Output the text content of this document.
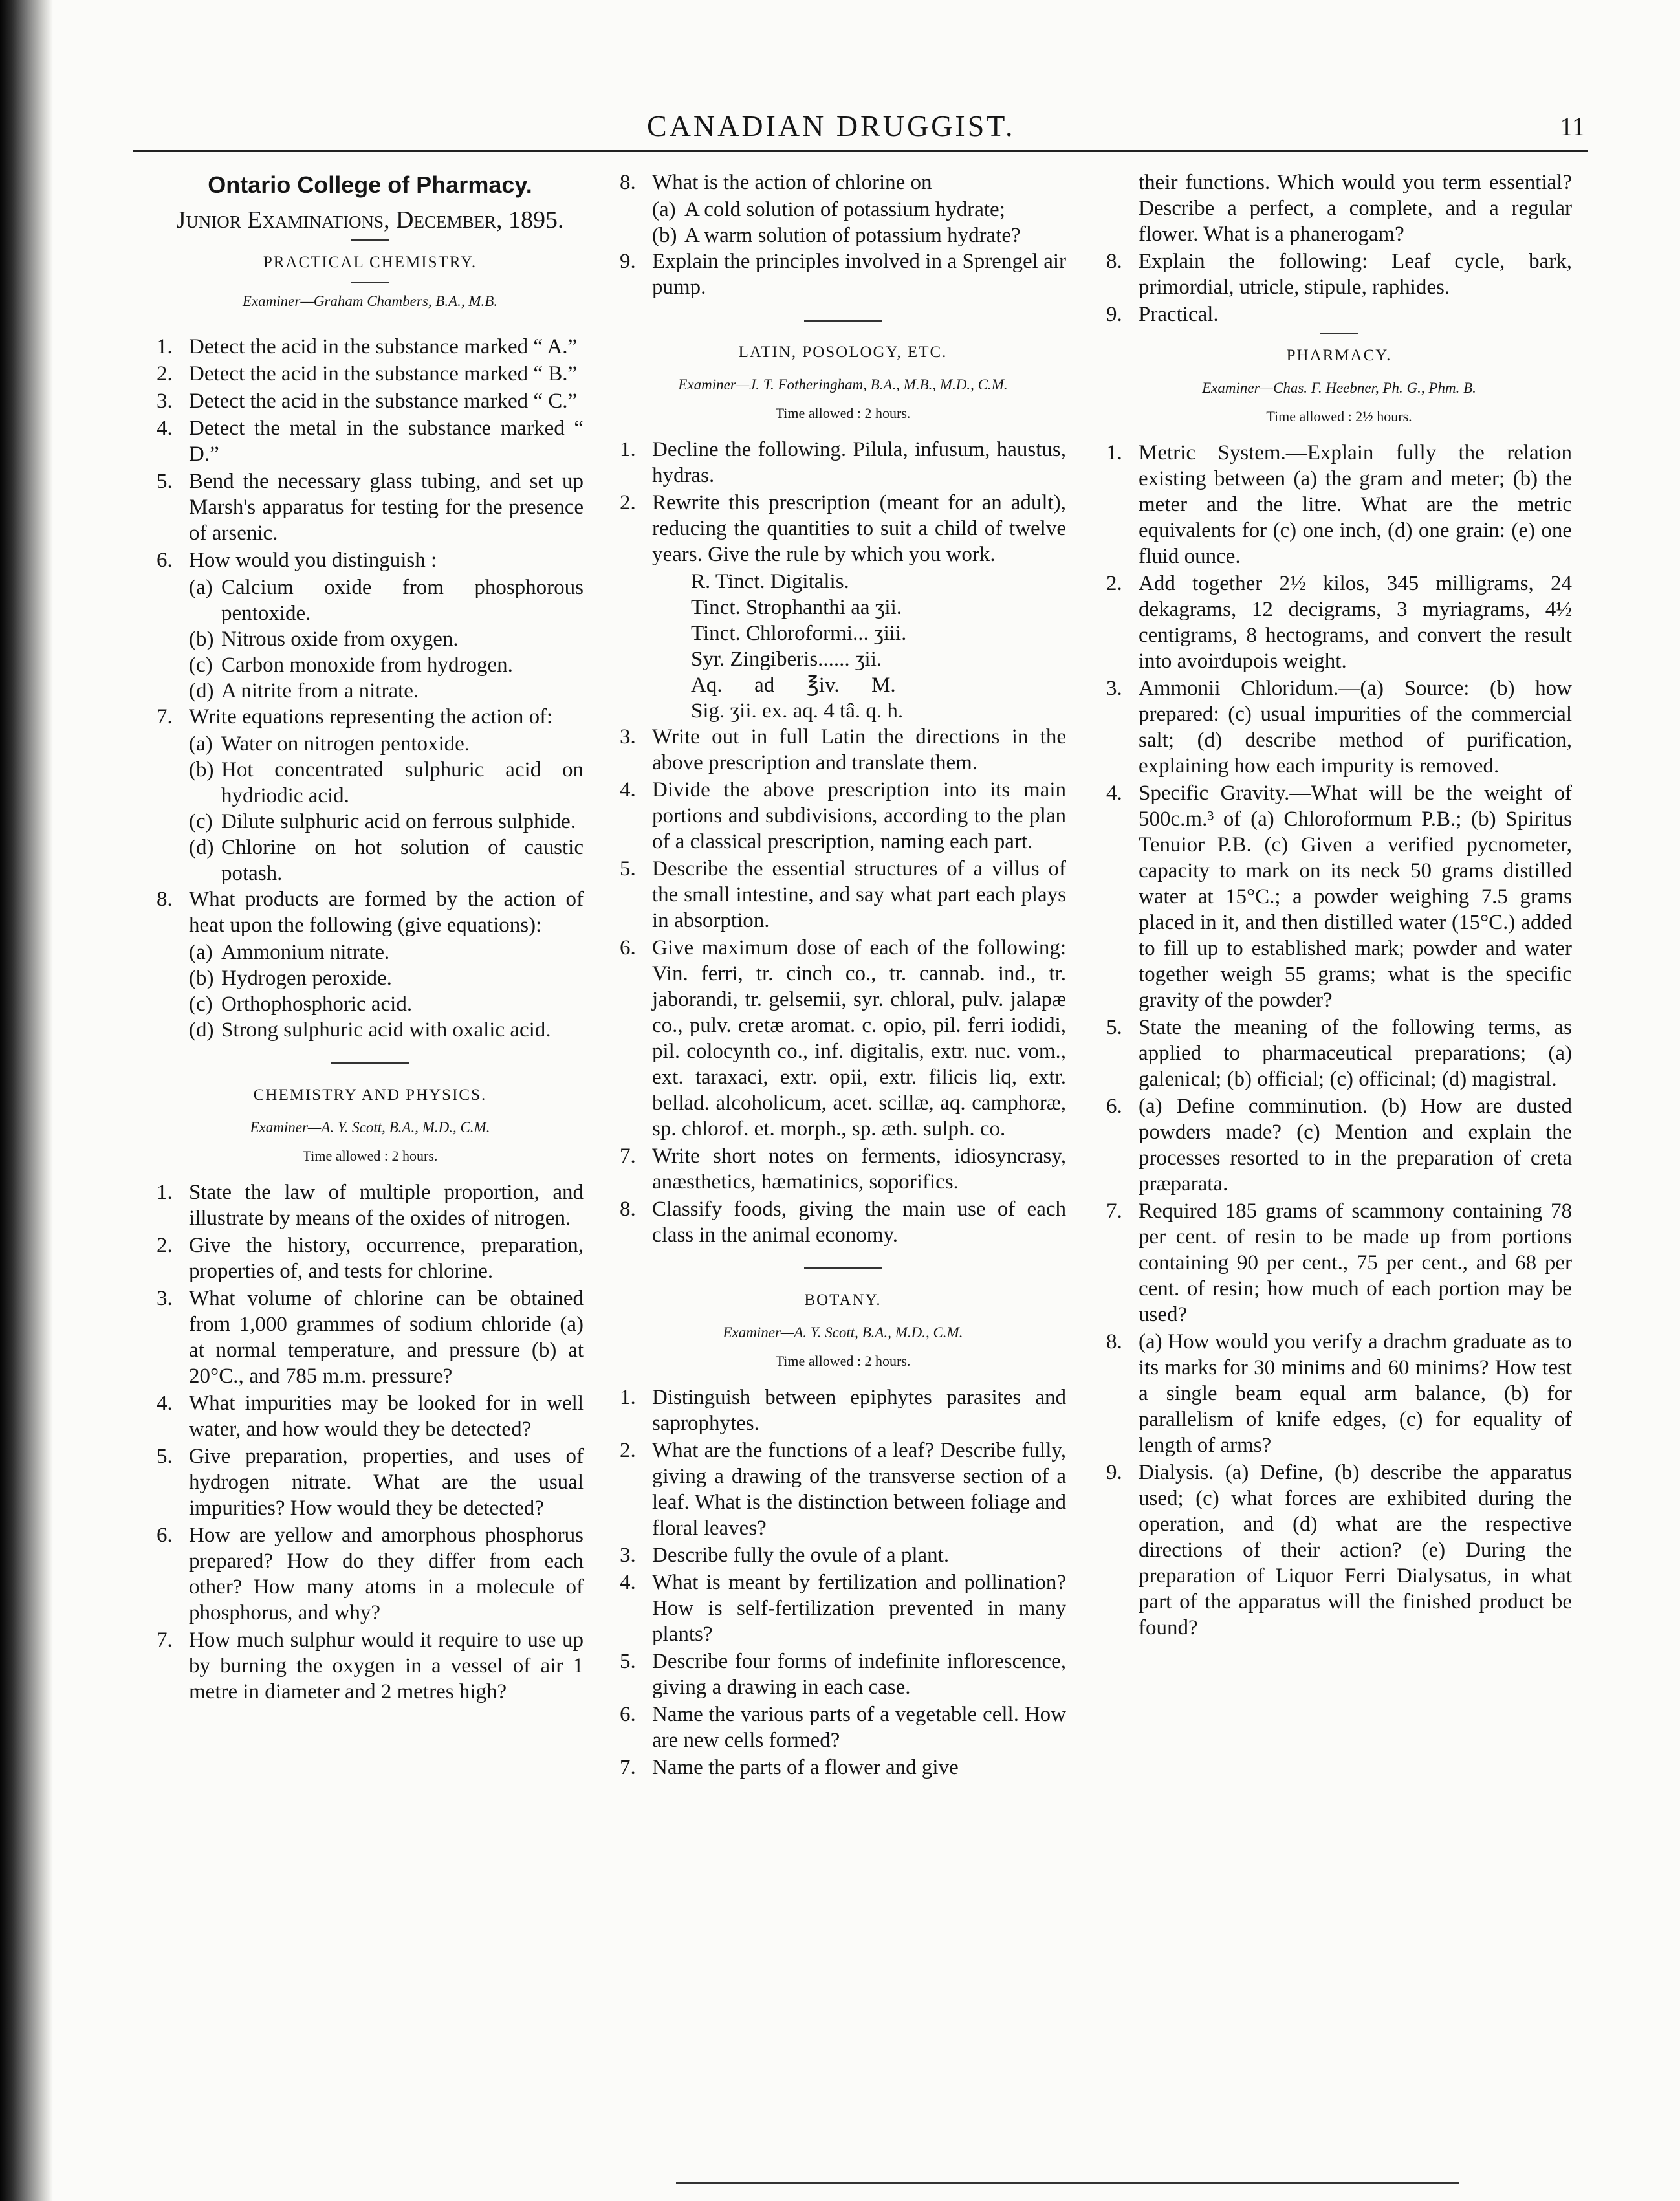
CANADIAN DRUGGIST.	11
Ontario College of Pharmacy.
Junior Examinations, December, 1895.
PRACTICAL CHEMISTRY.
Examiner—Graham Chambers, B.A., M.B.
1. Detect the acid in the substance marked “ A.”
2. Detect the acid in the substance marked “ B.”
3. Detect the acid in the substance marked “ C.”
4. Detect the metal in the substance marked “ D.”
5. Bend the necessary glass tubing, and set up Marsh's apparatus for testing for the presence of arsenic.
6. How would you distinguish :
(a) Calcium oxide from phosphorous pentoxide.
(b) Nitrous oxide from oxygen.
(c) Carbon monoxide from hydrogen.
(d) A nitrite from a nitrate.
7. Write equations representing the action of:
(a) Water on nitrogen pentoxide.
(b) Hot concentrated sulphuric acid on hydriodic acid.
(c) Dilute sulphuric acid on ferrous sulphide.
(d) Chlorine on hot solution of caustic potash.
8. What products are formed by the action of heat upon the following (give equations):
(a) Ammonium nitrate.
(b) Hydrogen peroxide.
(c) Orthophosphoric acid.
(d) Strong sulphuric acid with oxalic acid.
CHEMISTRY AND PHYSICS.
Examiner—A. Y. Scott, B.A., M.D., C.M.
Time allowed : 2 hours.
1. State the law of multiple proportion, and illustrate by means of the oxides of nitrogen.
2. Give the history, occurrence, preparation, properties of, and tests for chlorine.
3. What volume of chlorine can be obtained from 1,000 grammes of sodium chloride (a) at normal temperature, and pressure (b) at 20°C., and 785 m.m. pressure?
4. What impurities may be looked for in well water, and how would they be detected?
5. Give preparation, properties, and uses of hydrogen nitrate. What are the usual impurities? How would they be detected?
6. How are yellow and amorphous phosphorus prepared? How do they differ from each other? How many atoms in a molecule of phosphorus, and why?
7. How much sulphur would it require to use up by burning the oxygen in a vessel of air 1 metre in diameter and 2 metres high?
8. What is the action of chlorine on
(a) A cold solution of potassium hydrate;
(b) A warm solution of potassium hydrate?
9. Explain the principles involved in a Sprengel air pump.
LATIN, POSOLOGY, ETC.
Examiner—J. T. Fotheringham, B.A., M.B., M.D., C.M.
Time allowed : 2 hours.
1. Decline the following. Pilula, infusum, haustus, hydras.
2. Rewrite this prescription (meant for an adult), reducing the quantities to suit a child of twelve years. Give the rule by which you work.
R. Tinct. Digitalis.
Tinct. Strophanthi aa ʒii.
Tinct. Chloroformi... ʒiii.
Syr. Zingiberis...... ʒii.
Aq.      ad      ℥iv.      M.
Sig. ʒii. ex. aq. 4 tâ. q. h.
3. Write out in full Latin the directions in the above prescription and translate them.
4. Divide the above prescription into its main portions and subdivisions, according to the plan of a classical prescription, naming each part.
5. Describe the essential structures of a villus of the small intestine, and say what part each plays in absorption.
6. Give maximum dose of each of the following: Vin. ferri, tr. cinch co., tr. cannab. ind., tr. jaborandi, tr. gelsemii, syr. chloral, pulv. jalapæ co., pulv. cretæ aromat. c. opio, pil. ferri iodidi, pil. colocynth co., inf. digitalis, extr. nuc. vom., ext. taraxaci, extr. opii, extr. filicis liq, extr. bellad. alcoholicum, acet. scillæ, aq. camphoræ, sp. chlorof. et. morph., sp. æth. sulph. co.
7. Write short notes on ferments, idiosyncrasy, anæsthetics, hæmatinics, soporifics.
8. Classify foods, giving the main use of each class in the animal economy.
BOTANY.
Examiner—A. Y. Scott, B.A., M.D., C.M.
Time allowed : 2 hours.
1. Distinguish between epiphytes parasites and saprophytes.
2. What are the functions of a leaf? Describe fully, giving a drawing of the transverse section of a leaf. What is the distinction between foliage and floral leaves?
3. Describe fully the ovule of a plant.
4. What is meant by fertilization and pollination? How is self-fertilization prevented in many plants?
5. Describe four forms of indefinite inflorescence, giving a drawing in each case.
6. Name the various parts of a vegetable cell. How are new cells formed?
7. Name the parts of a flower and give
their functions. Which would you term essential? Describe a perfect, a complete, and a regular flower. What is a phanerogam?
8. Explain the following: Leaf cycle, bark, primordial, utricle, stipule, raphides.
9. Practical.
PHARMACY.
Examiner—Chas. F. Heebner, Ph. G., Phm. B.
Time allowed : 2½ hours.
1. Metric System.—Explain fully the relation existing between (a) the gram and meter; (b) the meter and the litre. What are the metric equivalents for (c) one inch, (d) one grain: (e) one fluid ounce.
2. Add together 2½ kilos, 345 milligrams, 24 dekagrams, 12 decigrams, 3 myriagrams, 4½ centigrams, 8 hectograms, and convert the result into avoirdupois weight.
3. Ammonii Chloridum.—(a) Source: (b) how prepared: (c) usual impurities of the commercial salt; (d) describe method of purification, explaining how each impurity is removed.
4. Specific Gravity.—What will be the weight of 500c.m.³ of (a) Chloroformum P.B.; (b) Spiritus Tenuior P.B. (c) Given a verified pycnometer, capacity to mark on its neck 50 grams distilled water at 15°C.; a powder weighing 7.5 grams placed in it, and then distilled water (15°C.) added to fill up to established mark; powder and water together weigh 55 grams; what is the specific gravity of the powder?
5. State the meaning of the following terms, as applied to pharmaceutical preparations; (a) galenical; (b) official; (c) officinal; (d) magistral.
6. (a) Define comminution. (b) How are dusted powders made? (c) Mention and explain the processes resorted to in the preparation of creta præparata.
7. Required 185 grams of scammony containing 78 per cent. of resin to be made up from portions containing 90 per cent., 75 per cent., and 68 per cent. of resin; how much of each portion may be used?
8. (a) How would you verify a drachm graduate as to its marks for 30 minims and 60 minims? How test a single beam equal arm balance, (b) for parallelism of knife edges, (c) for equality of length of arms?
9. Dialysis. (a) Define, (b) describe the apparatus used; (c) what forces are exhibited during the operation, and (d) what are the respective directions of their action? (e) During the preparation of Liquor Ferri Dialysatus, in what part of the apparatus will the finished product be found?
